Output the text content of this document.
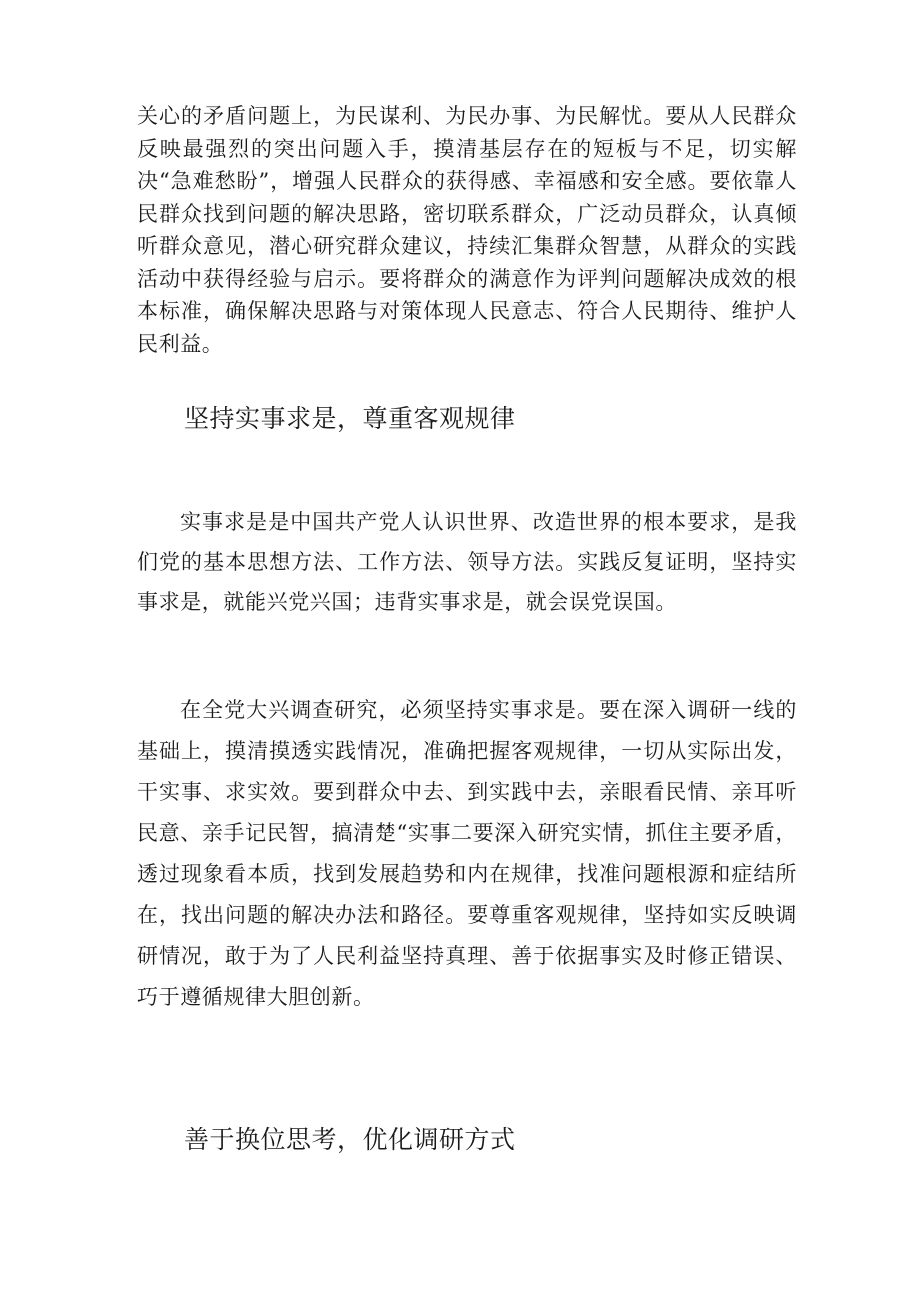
关心的矛盾问题上，为民谋利、为民办事、为民解忧。要从人民群众反映最强烈的突出问题入手，摸清基层存在的短板与不足，切实解决“急难愁盼”，增强人民群众的获得感、幸福感和安全感。要依靠人民群众找到问题的解决思路，密切联系群众，广泛动员群众，认真倾听群众意见，潜心研究群众建议，持续汇集群众智慧，从群众的实践活动中获得经验与启示。要将群众的满意作为评判问题解决成效的根本标准，确保解决思路与对策体现人民意志、符合人民期待、维护人民利益。

坚持实事求是，尊重客观规律

实事求是是中国共产党人认识世界、改造世界的根本要求，是我们党的基本思想方法、工作方法、领导方法。实践反复证明，坚持实事求是，就能兴党兴国；违背实事求是，就会误党误国。

在全党大兴调查研究，必须坚持实事求是。要在深入调研一线的基础上，摸清摸透实践情况，准确把握客观规律，一切从实际出发，干实事、求实效。要到群众中去、到实践中去，亲眼看民情、亲耳听民意、亲手记民智，搞清楚“实事二要深入研究实情，抓住主要矛盾，透过现象看本质，找到发展趋势和内在规律，找准问题根源和症结所在，找出问题的解决办法和路径。要尊重客观规律，坚持如实反映调研情况，敢于为了人民利益坚持真理、善于依据事实及时修正错误、巧于遵循规律大胆创新。

善于换位思考，优化调研方式
